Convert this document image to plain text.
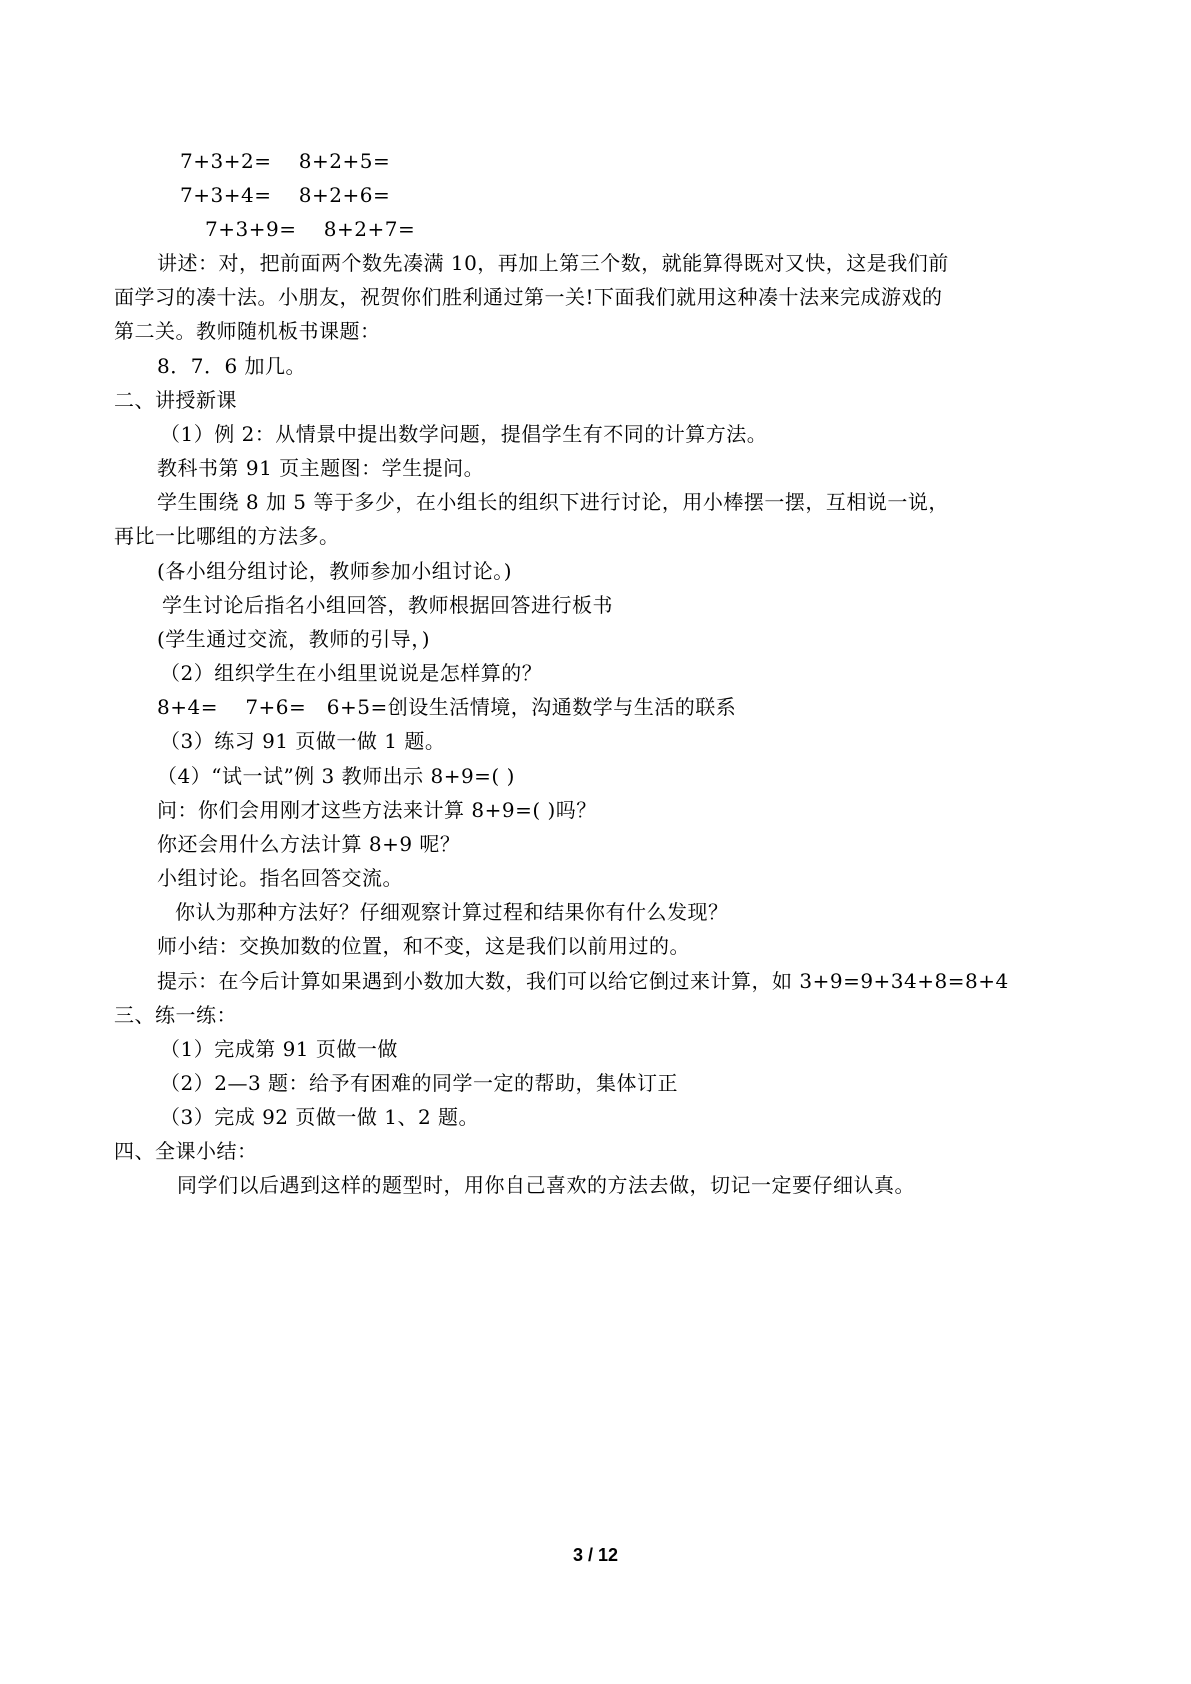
7+3+2=　 8+2+5=
7+3+4=　 8+2+6=
7+3+9=　 8+2+7=
讲述：对，把前面两个数先凑满 10，再加上第三个数，就能算得既对又快，这是我们前
面学习的凑十法。小朋友，祝贺你们胜利通过第一关!下面我们就用这种凑十法来完成游戏的
第二关。教师随机板书课题：
8．7．6 加几。
二、讲授新课
（1）例 2：从情景中提出数学问题，提倡学生有不同的计算方法。
教科书第 91 页主题图：学生提问。
学生围绕 8 加 5 等于多少，在小组长的组织下进行讨论，用小棒摆一摆，互相说一说，
再比一比哪组的方法多。
(各小组分组讨论，教师参加小组讨论。)
学生讨论后指名小组回答，教师根据回答进行板书
(学生通过交流，教师的引导，)
（2）组织学生在小组里说说是怎样算的？
8+4=　 7+6=　6+5=创设生活情境，沟通数学与生活的联系
（3）练习 91 页做一做 1 题。
（4）“试一试”例 3 教师出示 8+9=( )
问：你们会用刚才这些方法来计算 8+9=( )吗？
你还会用什么方法计算 8+9 呢？
小组讨论。指名回答交流。
你认为那种方法好？仔细观察计算过程和结果你有什么发现？
师小结：交换加数的位置，和不变，这是我们以前用过的。
提示：在今后计算如果遇到小数加大数，我们可以给它倒过来计算，如 3+9=9+34+8=8+4
三、练一练：
（1）完成第 91 页做一做
（2）2—3 题：给予有困难的同学一定的帮助，集体订正
（3）完成 92 页做一做 1、2 题。
四、全课小结：
同学们以后遇到这样的题型时，用你自己喜欢的方法去做，切记一定要仔细认真。
3 / 12
